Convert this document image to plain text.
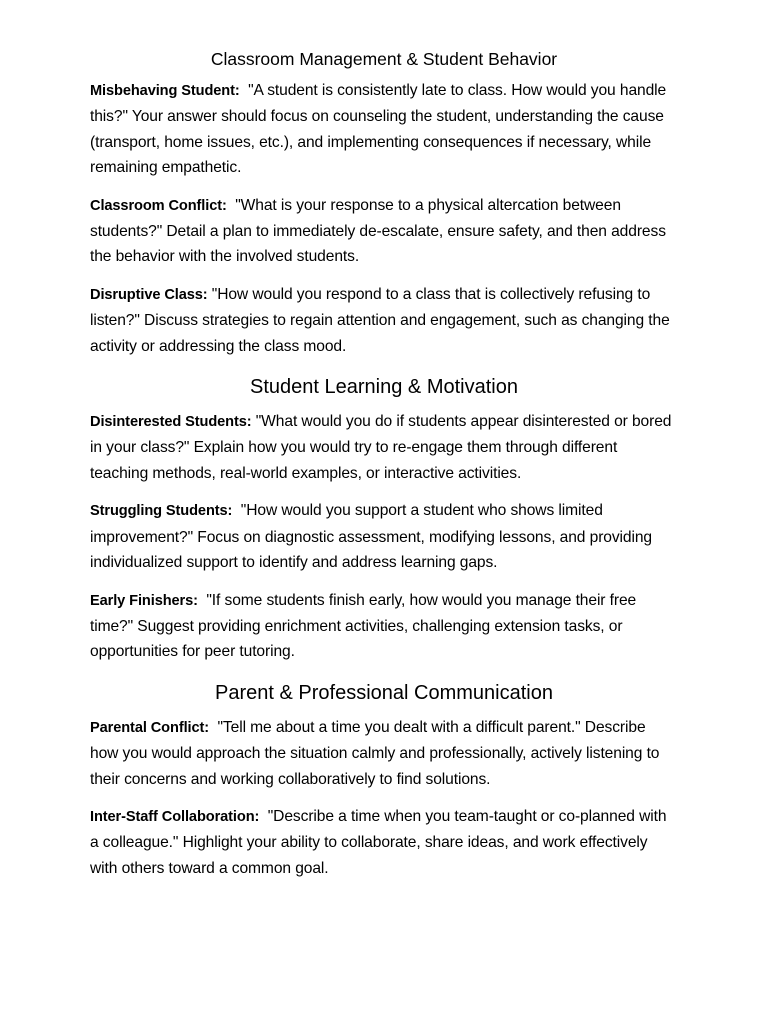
Classroom Management & Student Behavior

Misbehaving Student: "A student is consistently late to class. How would you handle this?" Your answer should focus on counseling the student, understanding the cause (transport, home issues, etc.), and implementing consequences if necessary, while remaining empathetic.

Classroom Conflict: "What is your response to a physical altercation between students?" Detail a plan to immediately de-escalate, ensure safety, and then address the behavior with the involved students.

Disruptive Class: "How would you respond to a class that is collectively refusing to listen?" Discuss strategies to regain attention and engagement, such as changing the activity or addressing the class mood.

Student Learning & Motivation

Disinterested Students: "What would you do if students appear disinterested or bored in your class?" Explain how you would try to re-engage them through different teaching methods, real-world examples, or interactive activities.

Struggling Students: "How would you support a student who shows limited improvement?" Focus on diagnostic assessment, modifying lessons, and providing individualized support to identify and address learning gaps.

Early Finishers: "If some students finish early, how would you manage their free time?" Suggest providing enrichment activities, challenging extension tasks, or opportunities for peer tutoring.

Parent & Professional Communication

Parental Conflict: "Tell me about a time you dealt with a difficult parent." Describe how you would approach the situation calmly and professionally, actively listening to their concerns and working collaboratively to find solutions.

Inter-Staff Collaboration: "Describe a time when you team-taught or co-planned with a colleague." Highlight your ability to collaborate, share ideas, and work effectively with others toward a common goal.
